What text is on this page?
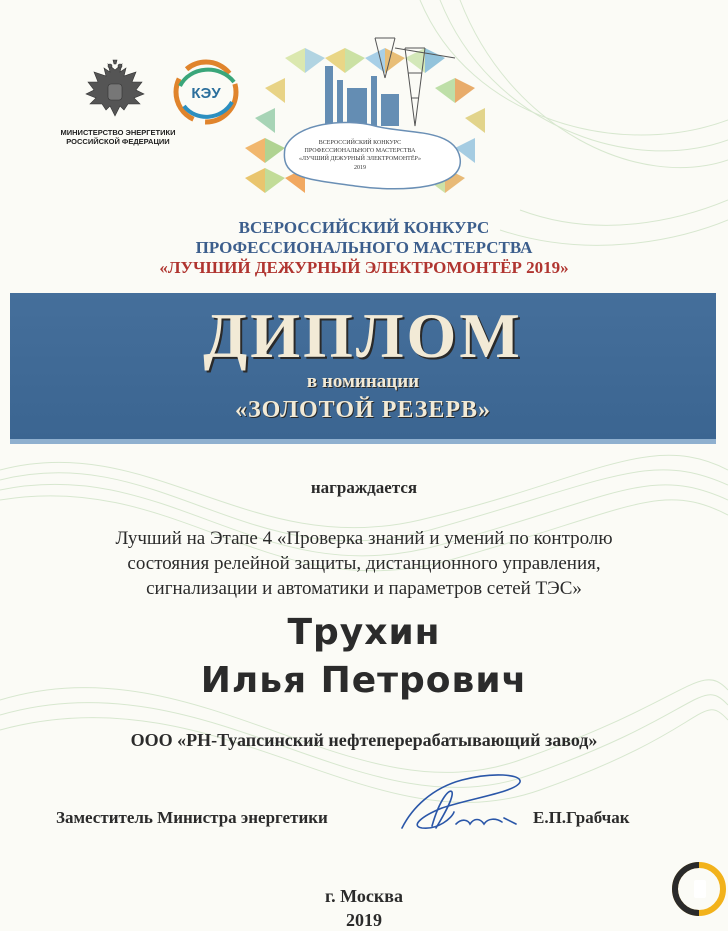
МИНИСТЕРСТВО ЭНЕРГЕТИКИ
РОССИЙСКОЙ ФЕДЕРАЦИИ
КЭУ
ВСЕРОССИЙСКИЙ КОНКУРС
ПРОФЕССИОНАЛЬНОГО МАСТЕРСТВА
«ЛУЧШИЙ ДЕЖУРНЫЙ ЭЛЕКТРОМОНТЁР»
2019
ВСЕРОССИЙСКИЙ КОНКУРС
ПРОФЕССИОНАЛЬНОГО МАСТЕРСТВА
«ЛУЧШИЙ ДЕЖУРНЫЙ ЭЛЕКТРОМОНТЁР 2019»
ДИПЛОМ
в номинации
«ЗОЛОТОЙ РЕЗЕРВ»
награждается
Лучший на Этапе 4 «Проверка знаний и умений по контролю
состояния релейной защиты, дистанционного управления,
сигнализации и автоматики и параметров сетей ТЭС»
Трухин
Илья Петрович
ООО «РН-Туапсинский нефтеперерабатывающий завод»
Заместитель Министра энергетики	Е.П.Грабчак
г. Москва
2019
